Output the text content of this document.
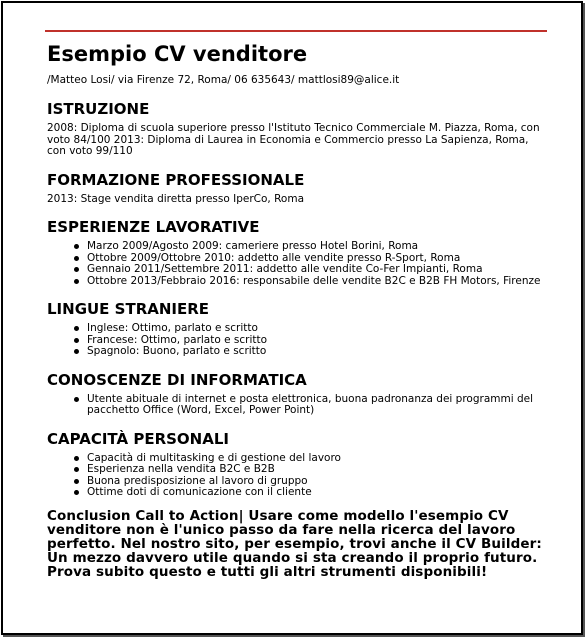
Esempio CV venditore
/Matteo Losi/ via Firenze 72, Roma/ 06 635643/ mattlosi89@alice.it
ISTRUZIONE

2008: Diploma di scuola superiore presso l'Istituto Tecnico Commerciale M. Piazza, Roma, con voto 84/100 2013: Diploma di Laurea in Economia e Commercio presso La Sapienza, Roma, con voto 99/110

FORMAZIONE PROFESSIONALE

2013: Stage vendita diretta presso IperCo, Roma

ESPERIENZE LAVORATIVE
Marzo 2009/Agosto 2009: cameriere presso Hotel Borini, Roma
Ottobre 2009/Ottobre 2010: addetto alle vendite presso R-Sport, Roma
Gennaio 2011/Settembre 2011: addetto alle vendite Co-Fer Impianti, Roma
Ottobre 2013/Febbraio 2016: responsabile delle vendite B2C e B2B FH Motors, Firenze
LINGUE STRANIERE
Inglese: Ottimo, parlato e scritto
Francese: Ottimo, parlato e scritto
Spagnolo: Buono, parlato e scritto
CONOSCENZE DI INFORMATICA
Utente abituale di internet e posta elettronica, buona padronanza dei programmi del pacchetto Office (Word, Excel, Power Point)
CAPACITÀ PERSONALI
Capacità di multitasking e di gestione del lavoro
Esperienza nella vendita B2C e B2B
Buona predisposizione al lavoro di gruppo
Ottime doti di comunicazione con il cliente
Conclusion Call to Action| Usare come modello l'esempio CV venditore non è l'unico passo da fare nella ricerca del lavoro perfetto. Nel nostro sito, per esempio, trovi anche il CV Builder: Un mezzo davvero utile quando si sta creando il proprio futuro. Prova subito questo e tutti gli altri strumenti disponibili!
